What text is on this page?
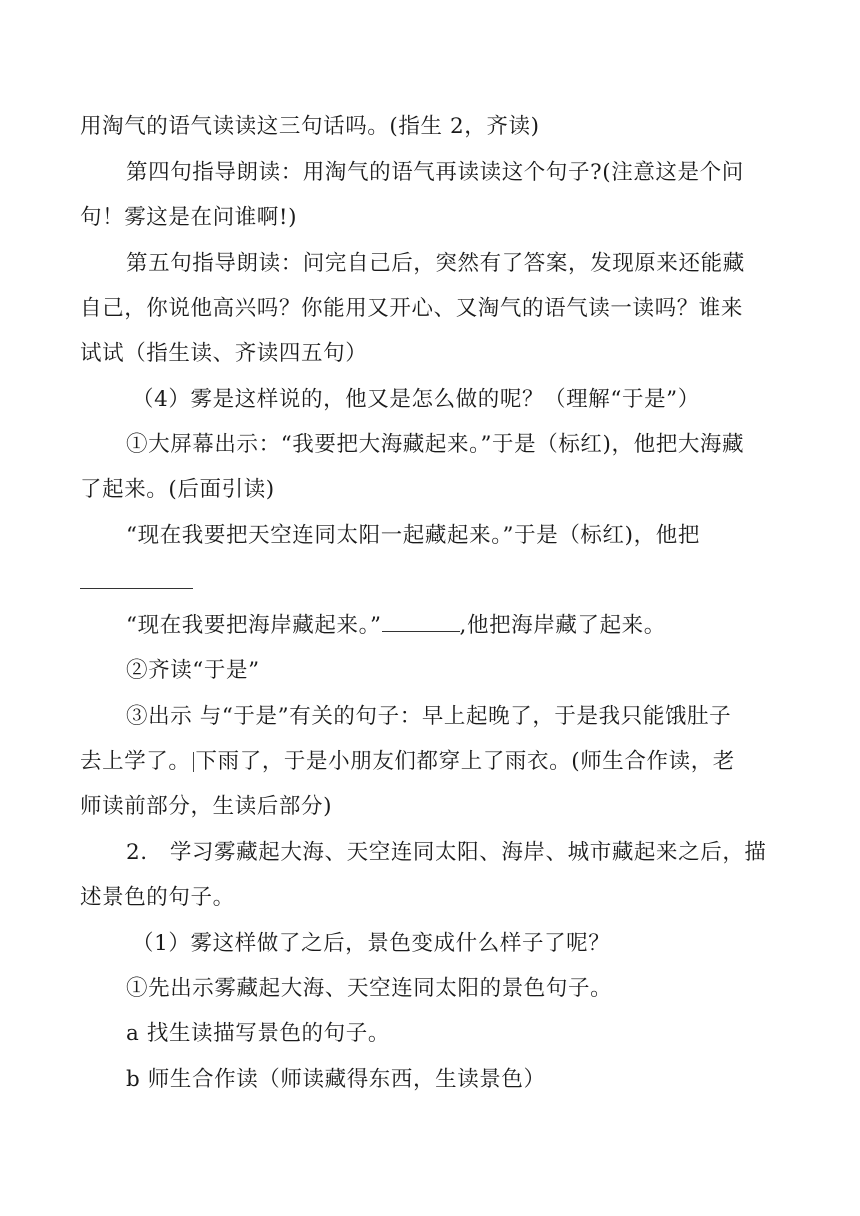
用淘气的语气读读这三句话吗。(指生 2，齐读)
第四句指导朗读：用淘气的语气再读读这个句子?(注意这是个问
句！雾这是在问谁啊!)
第五句指导朗读：问完自己后，突然有了答案，发现原来还能藏
自己，你说他高兴吗？你能用又开心、又淘气的语气读一读吗？谁来
试试（指生读、齐读四五句）
（4）雾是这样说的，他又是怎么做的呢？（理解“于是”）
①大屏幕出示：“我要把大海藏起来。”于是（标红)，他把大海藏
了起来。(后面引读)
“现在我要把天空连同太阳一起藏起来。”于是（标红)，他把
“现在我要把海岸藏起来。”	,他把海岸藏了起来。
②齐读“于是”
③出示 与“于是”有关的句子：早上起晚了，于是我只能饿肚子
去上学了。 下雨了，于是小朋友们都穿上了雨衣。(师生合作读，老
师读前部分，生读后部分)
2.　学习雾藏起大海、天空连同太阳、海岸、城市藏起来之后，描
述景色的句子。
（1）雾这样做了之后，景色变成什么样子了呢？
①先出示雾藏起大海、天空连同太阳的景色句子。
a 找生读描写景色的句子。
b 师生合作读（师读藏得东西，生读景色）
